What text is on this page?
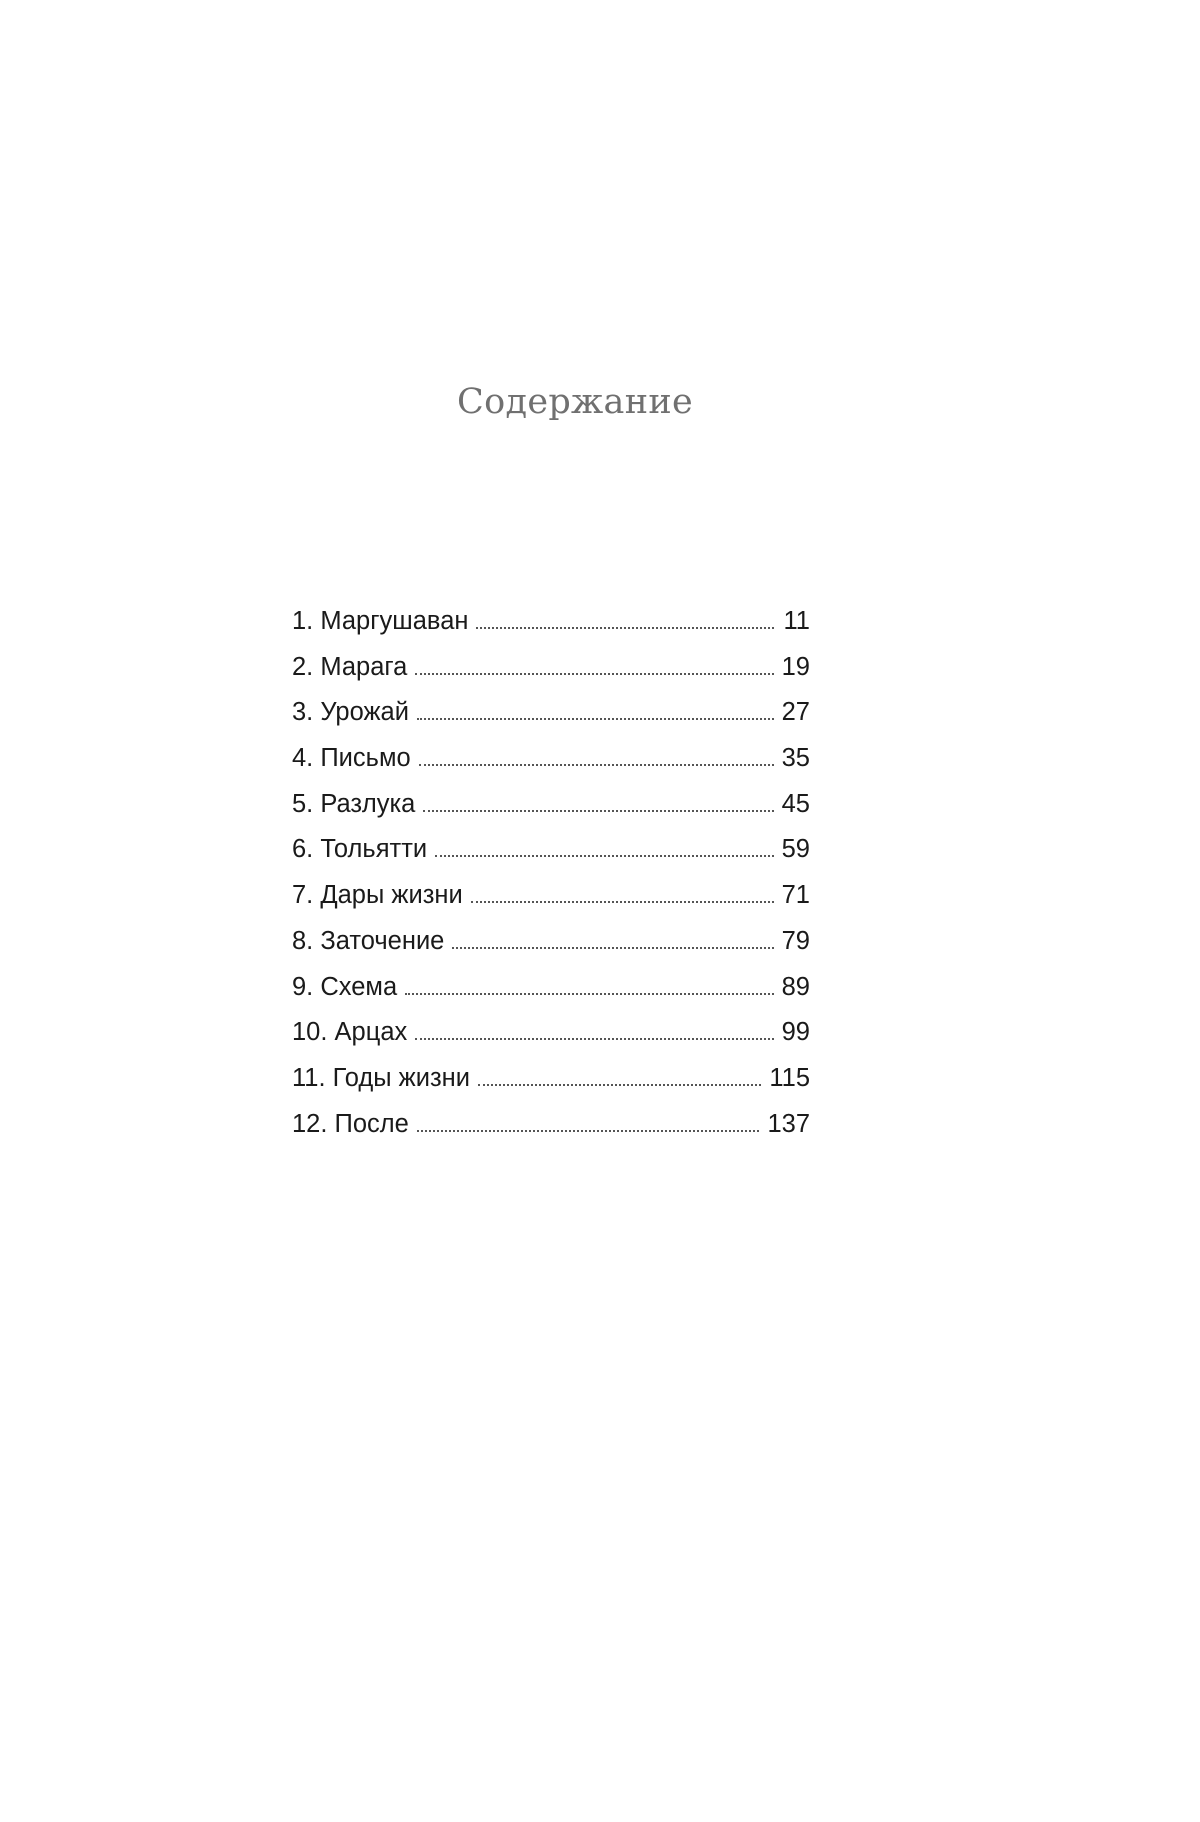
Содержание
1. Маргушаван	11
2. Марага	19
3. Урожай	27
4. Письмо	35
5. Разлука	45
6. Тольятти	59
7. Дары жизни	71
8. Заточение	79
9. Схема	89
10. Арцах	99
11. Годы жизни	115
12. После	137
